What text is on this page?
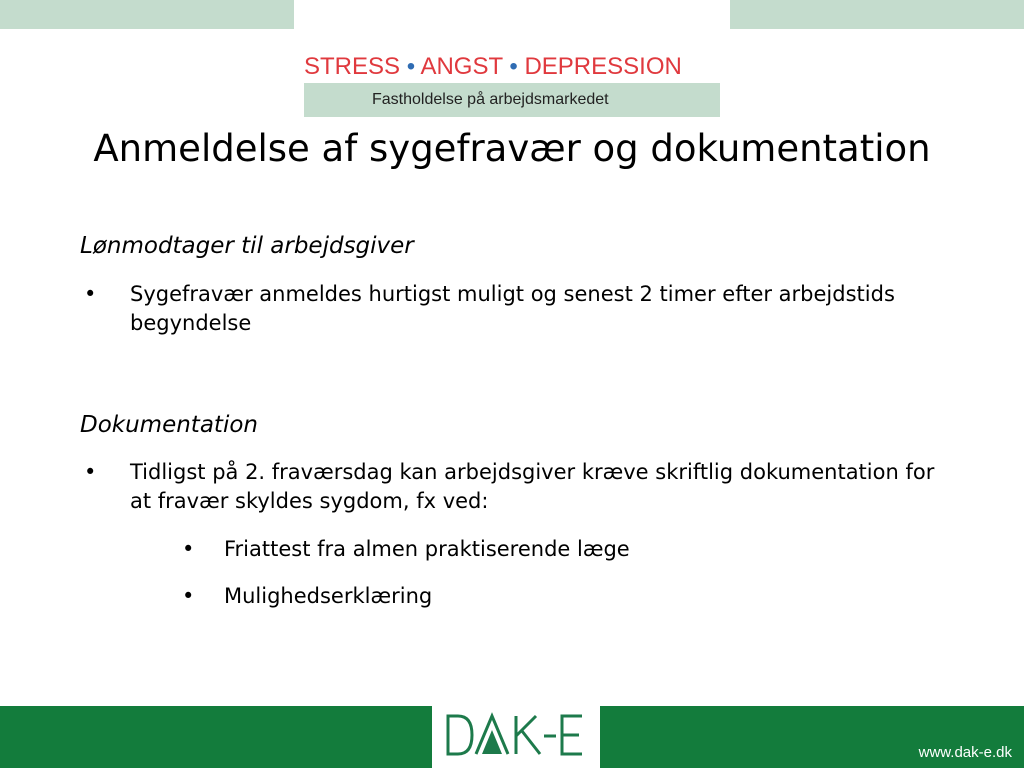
STRESS • ANGST • DEPRESSION
Fastholdelse på arbejdsmarkedet
Anmeldelse af sygefravær og dokumentation
Lønmodtager til arbejdsgiver
• Sygefravær anmeldes hurtigst muligt og senest 2 timer efter arbejdstids begyndelse
Dokumentation
• Tidligst på 2. fraværsdag kan arbejdsgiver kræve skriftlig dokumentation for at fravær skyldes sygdom, fx ved:
• Friattest fra almen praktiserende læge
• Mulighedserklæring
www.dak-e.dk
